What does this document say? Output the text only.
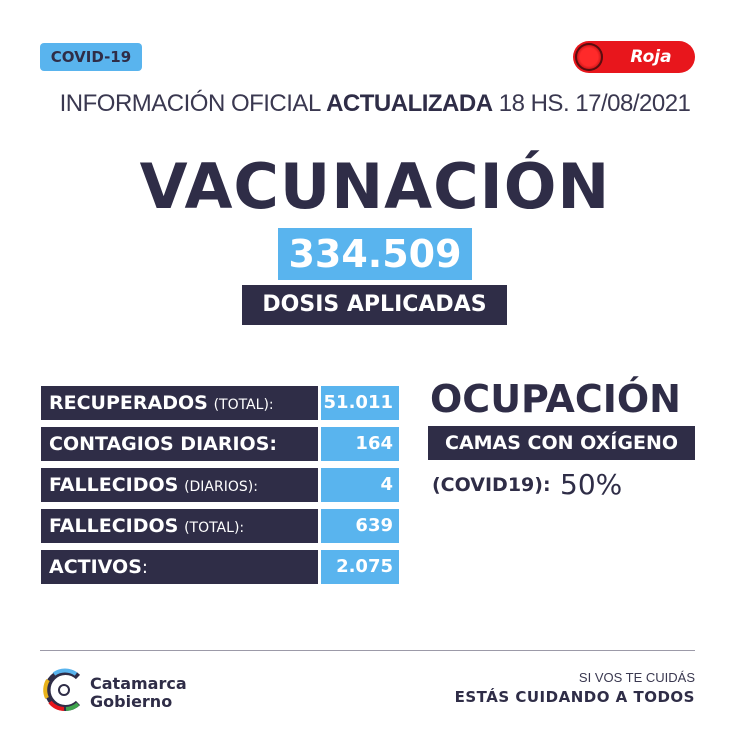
COVID-19	Roja
INFORMACIÓN OFICIAL ACTUALIZADA 18 HS. 17/08/2021
VACUNACIÓN
334.509
DOSIS APLICADAS
RECUPERADOS (TOTAL):	51.011
CONTAGIOS DIARIOS:	164
FALLECIDOS (DIARIOS):	4
FALLECIDOS (TOTAL):	639
ACTIVOS:	2.075
OCUPACIÓN
CAMAS CON OXÍGENO
(COVID19): 50%
Catamarca
Gobierno
SI VOS TE CUIDÁS
ESTÁS CUIDANDO A TODOS
